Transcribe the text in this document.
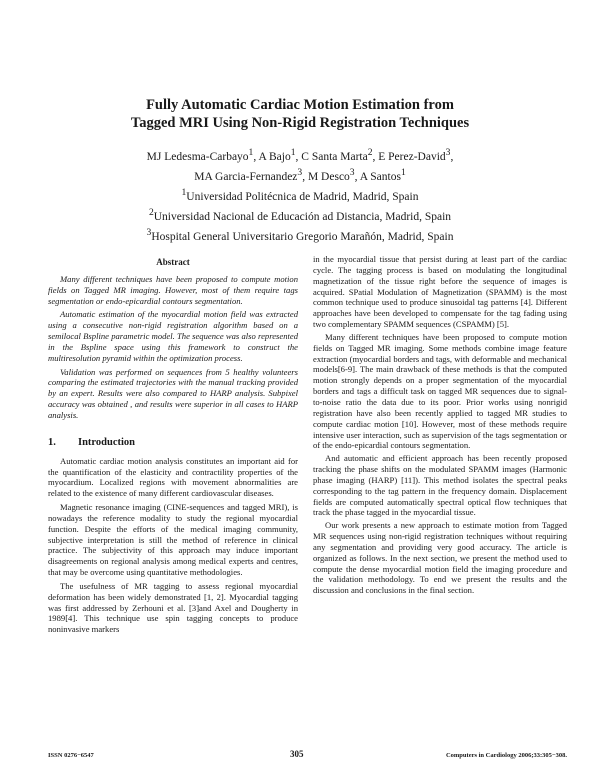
Fully Automatic Cardiac Motion Estimation from
Tagged MRI Using Non-Rigid Registration Techniques
MJ Ledesma-Carbayo$^1$, A Bajo$^1$, C Santa Marta$^2$, E Perez-David$^3$,
MA Garcia-Fernandez$^3$, M Desco$^3$, A Santos$^1$
$^1$Universidad Politécnica de Madrid, Madrid, Spain
$^2$Universidad Nacional de Educación ad Distancia, Madrid, Spain
$^3$Hospital General Universitario Gregorio Marañón, Madrid, Spain
Abstract

Many different techniques have been proposed to compute motion fields on Tagged MR imaging. However, most of them require tags segmentation or endo-epicardial contours segmentation.

Automatic estimation of the myocardial motion field was extracted using a consecutive non-rigid registration algorithm based on a semilocal Bspline parametric model. The sequence was also represented in the Bspline space using this framework to construct the multiresolution pyramid within the optimization process.

Validation was performed on sequences from 5 healthy volunteers comparing the estimated trajectories with the manual tracking provided by an expert. Results were also compared to HARP analysis. Subpixel accuracy was obtained , and results were superior in all cases to HARP analysis.

1. Introduction

Automatic cardiac motion analysis constitutes an important aid for the quantification of the elasticity and contractility properties of the myocardium. Localized regions with movement abnormalities are related to the existence of many different cardiovascular diseases.

Magnetic resonance imaging (CINE-sequences and tagged MRI), is nowadays the reference modality to study the regional myocardial function. Despite the efforts of the medical imaging community, subjective interpretation is still the method of reference in clinical practice. The subjectivity of this approach may induce important disagreements on regional analysis among medical experts and centres, that may be overcome using quantitative methodologies.

The usefulness of MR tagging to assess regional myocardial deformation has been widely demonstrated [1, 2]. Myocardial tagging was first addressed by Zerhouni et al. [3]and Axel and Dougherty in 1989[4]. This technique use spin tagging concepts to produce noninvasive markers

in the myocardial tissue that persist during at least part of the cardiac cycle. The tagging process is based on modulating the longitudinal magnetization of the tissue right before the sequence of images is acquired. SPatial Modulation of Magnetization (SPAMM) is the most common technique used to produce sinusoidal tag patterns [4]. Different approaches have been developed to compensate for the tag fading using two complementary SPAMM sequences (CSPAMM) [5].

Many different techniques have been proposed to compute motion fields on Tagged MR imaging. Some methods combine image feature extraction (myocardial borders and tags, with deformable and mechanical models[6-9]. The main drawback of these methods is that the computed motion strongly depends on a proper segmentation of the myocardial borders and tags a difficult task on tagged MR sequences due to signal-to-noise ratio the data due to its poor. Prior works using nonrigid registration have also been recently applied to tagged MR studies to compute cardiac motion [10]. However, most of these methods require intensive user interaction, such as supervision of the tags segmentation or of the endo-epicardial contours segmentation.

And automatic and efficient approach has been recently proposed tracking the phase shifts on the modulated SPAMM images (Harmonic phase imaging (HARP) [11]). This method isolates the spectral peaks corresponding to the tag pattern in the frequency domain. Displacement fields are computed automatically spectral optical flow techniques that track the phase tagged in the myocardial tissue.

Our work presents a new approach to estimate motion from Tagged MR sequences using non-rigid registration techniques without requiring any segmentation and providing very good accuracy. The article is organized as follows. In the next section, we present the method used to compute the dense myocardial motion field the imaging procedure and the validation methodology. To end we present the results and the discussion and conclusions in the final section.

ISSN 0276−6547	305	Computers in Cardiology 2006;33:305−308.
